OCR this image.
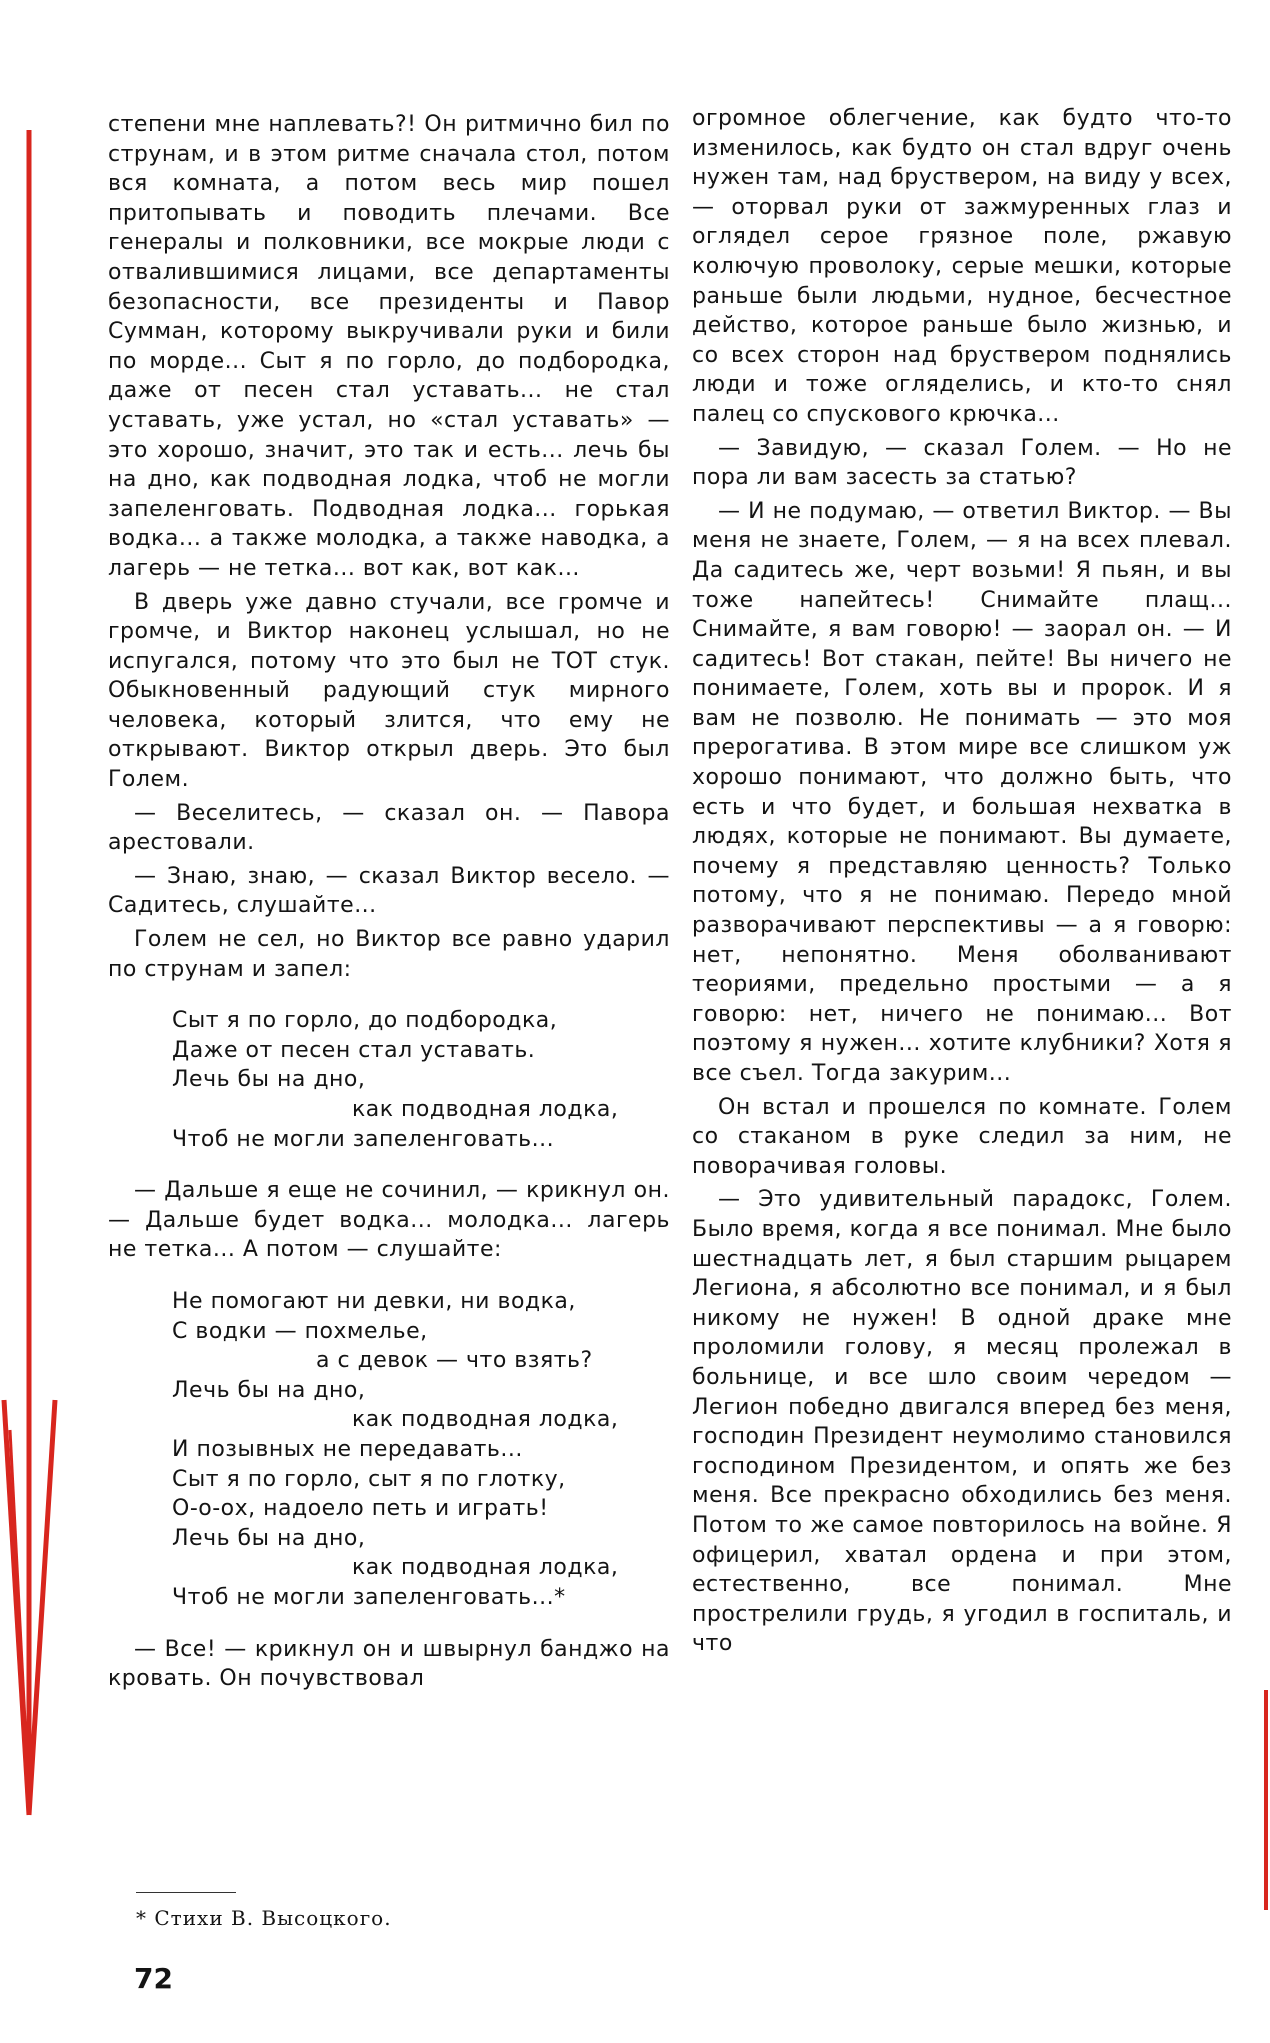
степени мне наплевать?! Он ритмично бил по струнам, и в этом ритме сначала стол, потом вся комната, а потом весь мир пошел притопывать и поводить плечами. Все генералы и полковники, все мокрые люди с отвалившимися лицами, все департаменты безопасности, все президенты и Павор Сумман, которому выкручивали руки и били по морде... Сыт я по горло, до подбородка, даже от песен стал уставать... не стал уставать, уже устал, но «стал уставать» — это хорошо, значит, это так и есть... лечь бы на дно, как подводная лодка, чтоб не могли запеленговать. Подводная лодка... горькая водка... а также молодка, а также наводка, а лагерь — не тетка... вот как, вот как...

В дверь уже давно стучали, все громче и громче, и Виктор наконец услышал, но не испугался, потому что это был не ТОТ стук. Обыкновенный радующий стук мирного человека, который злится, что ему не открывают. Виктор открыл дверь. Это был Голем.

— Веселитесь, — сказал он. — Павора арестовали.

— Знаю, знаю, — сказал Виктор весело. — Садитесь, слушайте...

Голем не сел, но Виктор все равно ударил по струнам и запел:

Сыт я по горло, до подбородка,
Даже от песен стал уставать.
Лечь бы на дно,
как подводная лодка,
Чтоб не могли запеленговать...

— Дальше я еще не сочинил, — крикнул он. — Дальше будет водка... молодка... лагерь не тетка... А потом — слушайте:

Не помогают ни девки, ни водка,
С водки — похмелье,
а с девок — что взять?
Лечь бы на дно,
как подводная лодка,
И позывных не передавать...
Сыт я по горло, сыт я по глотку,
О-о-ох, надоело петь и играть!
Лечь бы на дно,
как подводная лодка,
Чтоб не могли запеленговать...*

— Все! — крикнул он и швырнул банджо на кровать. Он почувствовал

огромное облегчение, как будто что-то изменилось, как будто он стал вдруг очень нужен там, над бруствером, на виду у всех, — оторвал руки от зажмуренных глаз и оглядел серое грязное поле, ржавую колючую проволоку, серые мешки, которые раньше были людьми, нудное, бесчестное действо, которое раньше было жизнью, и со всех сторон над бруствером поднялись люди и тоже огляделись, и кто-то снял палец со спускового крючка...

— Завидую, — сказал Голем. — Но не пора ли вам засесть за статью?

— И не подумаю, — ответил Виктор. — Вы меня не знаете, Голем, — я на всех плевал. Да садитесь же, черт возьми! Я пьян, и вы тоже напейтесь! Снимайте плащ... Снимайте, я вам говорю! — заорал он. — И садитесь! Вот стакан, пейте! Вы ничего не понимаете, Голем, хоть вы и пророк. И я вам не позволю. Не понимать — это моя прерогатива. В этом мире все слишком уж хорошо понимают, что должно быть, что есть и что будет, и большая нехватка в людях, которые не понимают. Вы думаете, почему я представляю ценность? Только потому, что я не понимаю. Передо мной разворачивают перспективы — а я говорю: нет, непонятно. Меня оболванивают теориями, предельно простыми — а я говорю: нет, ничего не понимаю... Вот поэтому я нужен... хотите клубники? Хотя я все съел. Тогда закурим...

Он встал и прошелся по комнате. Голем со стаканом в руке следил за ним, не поворачивая головы.

— Это удивительный парадокс, Голем. Было время, когда я все понимал. Мне было шестнадцать лет, я был старшим рыцарем Легиона, я абсолютно все понимал, и я был никому не нужен! В одной драке мне проломили голову, я месяц пролежал в больнице, и все шло своим чередом — Легион победно двигался вперед без меня, господин Президент неумолимо становился господином Президентом, и опять же без меня. Все прекрасно обходились без меня. Потом то же самое повторилось на войне. Я офицерил, хватал ордена и при этом, естественно, все понимал. Мне прострелили грудь, я угодил в госпиталь, и что

* Стихи В. Высоцкого.
72
